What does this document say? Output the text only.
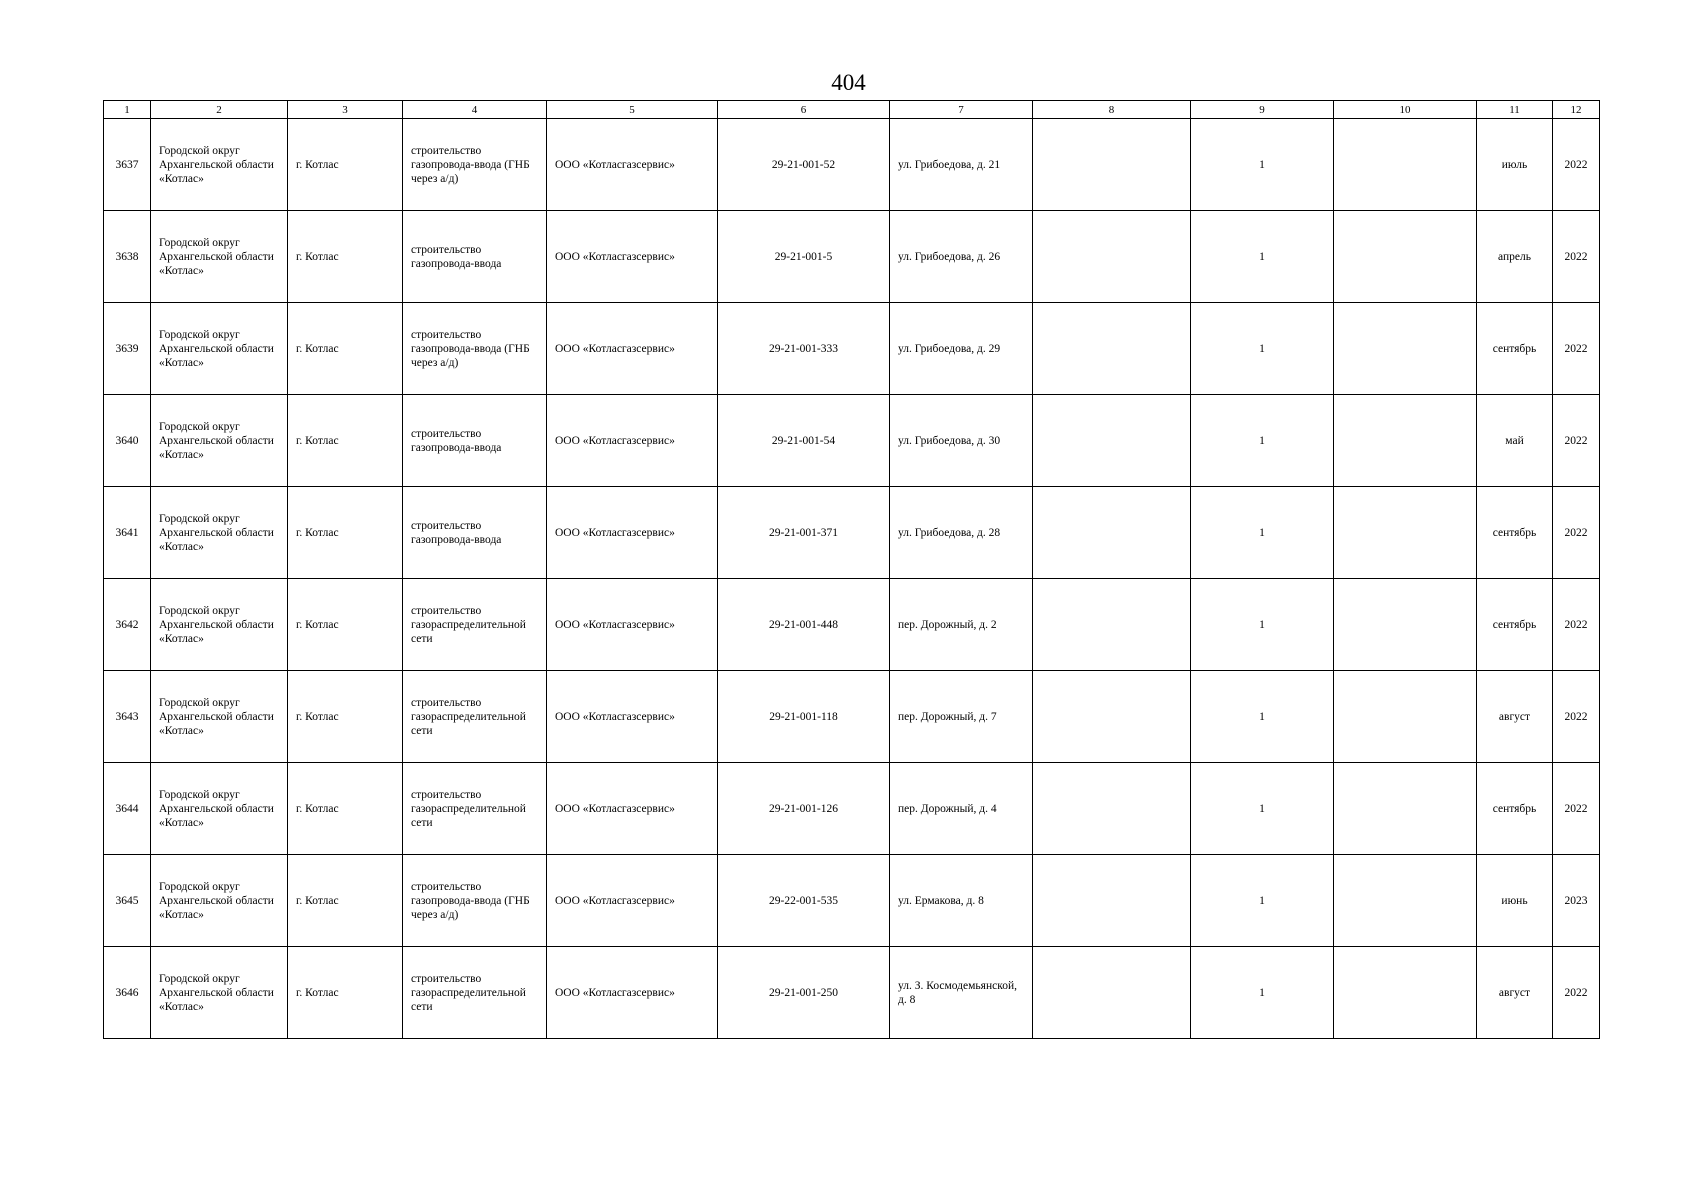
404
1	2	3	4	5	6	7	8	9	10	11	12
3637	Городской округ Архангельской области «Котлас»	г. Котлас	строительство газопровода-ввода (ГНБ через а/д)	ООО «Котласгазсервис»	29-21-001-52	ул. Грибоедова, д. 21		1		июль	2022
3638	Городской округ Архангельской области «Котлас»	г. Котлас	строительство газопровода-ввода	ООО «Котласгазсервис»	29-21-001-5	ул. Грибоедова, д. 26		1		апрель	2022
3639	Городской округ Архангельской области «Котлас»	г. Котлас	строительство газопровода-ввода (ГНБ через а/д)	ООО «Котласгазсервис»	29-21-001-333	ул. Грибоедова, д. 29		1		сентябрь	2022
3640	Городской округ Архангельской области «Котлас»	г. Котлас	строительство газопровода-ввода	ООО «Котласгазсервис»	29-21-001-54	ул. Грибоедова, д. 30		1		май	2022
3641	Городской округ Архангельской области «Котлас»	г. Котлас	строительство газопровода-ввода	ООО «Котласгазсервис»	29-21-001-371	ул. Грибоедова, д. 28		1		сентябрь	2022
3642	Городской округ Архангельской области «Котлас»	г. Котлас	строительство газораспределительной сети	ООО «Котласгазсервис»	29-21-001-448	пер. Дорожный, д. 2		1		сентябрь	2022
3643	Городской округ Архангельской области «Котлас»	г. Котлас	строительство газораспределительной сети	ООО «Котласгазсервис»	29-21-001-118	пер. Дорожный, д. 7		1		август	2022
3644	Городской округ Архангельской области «Котлас»	г. Котлас	строительство газораспределительной сети	ООО «Котласгазсервис»	29-21-001-126	пер. Дорожный, д. 4		1		сентябрь	2022
3645	Городской округ Архангельской области «Котлас»	г. Котлас	строительство газопровода-ввода (ГНБ через а/д)	ООО «Котласгазсервис»	29-22-001-535	ул. Ермакова, д. 8		1		июнь	2023
3646	Городской округ Архангельской области «Котлас»	г. Котлас	строительство газораспределительной сети	ООО «Котласгазсервис»	29-21-001-250	ул. З. Космодемьянской, д. 8		1		август	2022
